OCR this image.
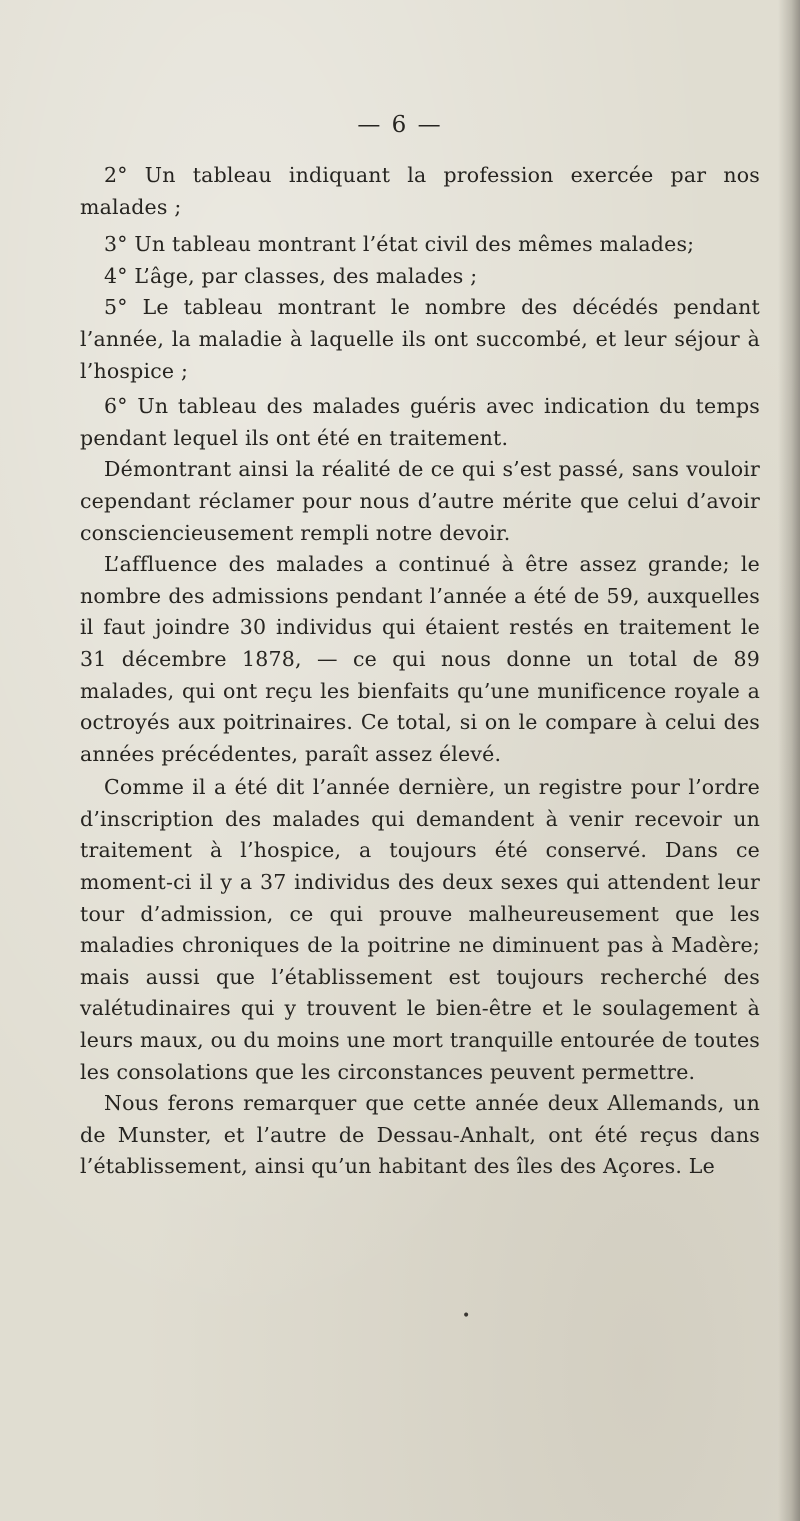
— 6 —

2° Un tableau indiquant la profession exercée par nos malades ;

3° Un tableau montrant l’état civil des mêmes malades;

4° L’âge, par classes, des malades ;

5° Le tableau montrant le nombre des décédés pendant l’année, la maladie à laquelle ils ont succombé, et leur séjour à l’hospice ;

6° Un tableau des malades guéris avec indication du temps pendant lequel ils ont été en traitement.

Démontrant ainsi la réalité de ce qui s’est passé, sans vouloir cependant réclamer pour nous d’autre mérite que celui d’avoir consciencieusement rempli notre devoir.

L’affluence des malades a continué à être assez grande; le nombre des admissions pendant l’année a été de 59, auxquelles il faut joindre 30 individus qui étaient restés en traitement le 31 décembre 1878, — ce qui nous donne un total de 89 malades, qui ont reçu les bienfaits qu’une munificence royale a octroyés aux poitrinaires. Ce total, si on le compare à celui des années précédentes, paraît assez élevé.

Comme il a été dit l’année dernière, un registre pour l’ordre d’inscription des malades qui demandent à venir recevoir un traitement à l’hospice, a toujours été conservé. Dans ce moment-ci il y a 37 individus des deux sexes qui attendent leur tour d’admission, ce qui prouve malheureusement que les maladies chroniques de la poitrine ne diminuent pas à Madère; mais aussi que l’établissement est toujours recherché des valétudinaires qui y trouvent le bien-être et le soulagement à leurs maux, ou du moins une mort tranquille entourée de toutes les consolations que les circonstances peuvent permettre.

Nous ferons remarquer que cette année deux Allemands, un de Munster, et l’autre de Dessau-Anhalt, ont été reçus dans l’établissement, ainsi qu’un habitant des îles des Açores. Le

•
